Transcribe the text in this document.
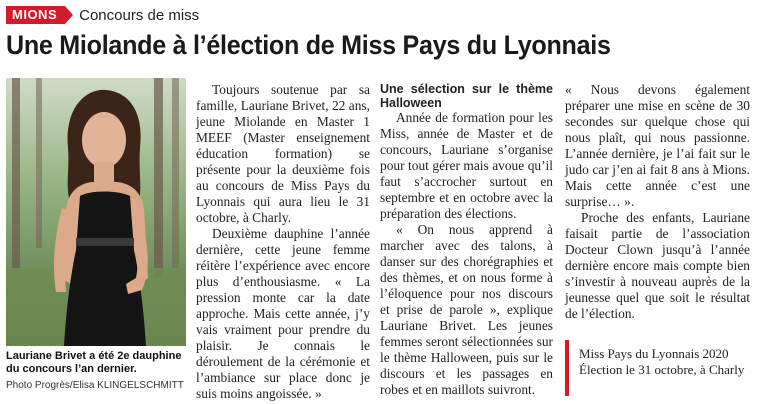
MIONS	Concours de miss
Une Miolande à l’élection de Miss Pays du Lyonnais
Lauriane Brivet a été 2e dauphine du concours l’an dernier.
Photo Progrès/Elisa KLINGELSCHMITT

Toujours soutenue par sa famille, Lauriane Brivet, 22 ans, jeune Miolande en Master 1 MEEF (Master enseignement éducation formation) se présente pour la deuxième fois au concours de Miss Pays du Lyonnais qui aura lieu le 31 octobre, à Charly.

Deuxième dauphine l’année dernière, cette jeune femme réitère l’expérience avec encore plus d’enthousiasme. « La pression monte car la date approche. Mais cette année, j’y vais vraiment pour prendre du plaisir. Je connais le déroulement de la cérémonie et l’ambiance sur place donc je suis moins angoissée. »

Une sélection sur le thème Halloween

Année de formation pour les Miss, année de Master et de concours, Lauriane s’organise pour tout gérer mais avoue qu’il faut s’accrocher surtout en septembre et en octobre avec la préparation des élections.

« On nous apprend à marcher avec des talons, à danser sur des chorégraphies et des thèmes, et on nous forme à l’éloquence pour nos discours et prise de parole », explique Lauriane Brivet. Les jeunes femmes seront sélectionnées sur le thème Halloween, puis sur le discours et les passages en robes et en maillots suivront.

« Nous devons également préparer une mise en scène de 30 secondes sur quelque chose qui nous plaît, qui nous passionne. L’année dernière, je l’ai fait sur le judo car j’en ai fait 8 ans à Mions. Mais cette année c’est une surprise… ».

Proche des enfants, Lauriane faisait partie de l’association Docteur Clown jusqu’à l’année dernière encore mais compte bien s’investir à nouveau auprès de la jeunesse quel que soit le résultat de l’élection.

Miss Pays du Lyonnais 2020
Élection le 31 octobre, à Charly
